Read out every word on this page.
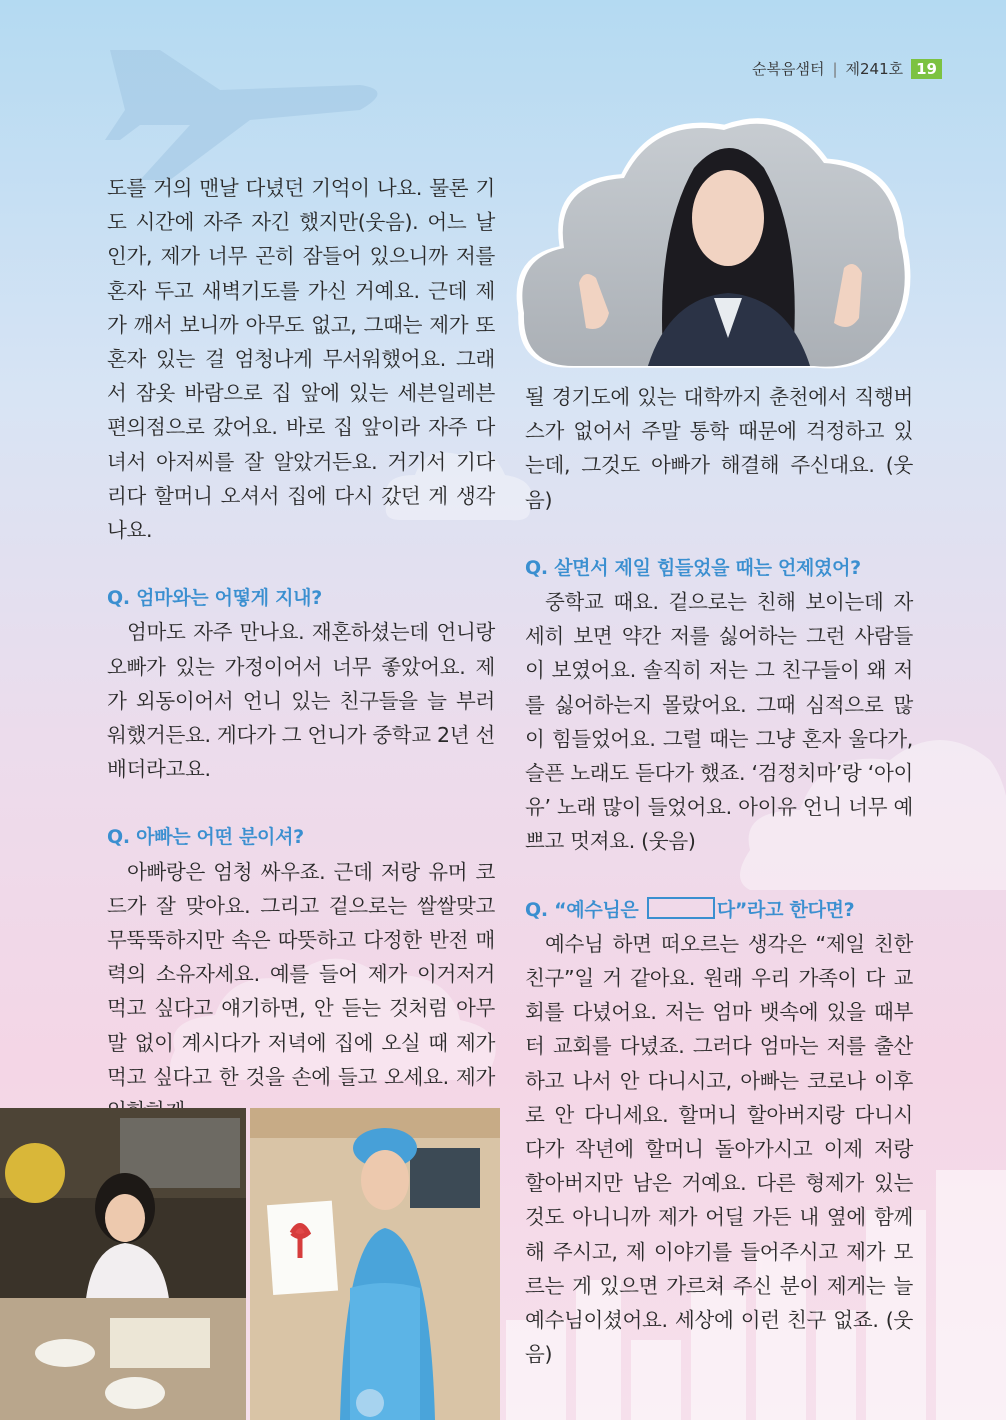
순복음샘터 | 제241호 19

도를 거의 맨날 다녔던 기억이 나요. 물론 기도 시간에 자주 자긴 했지만(웃음). 어느 날인가, 제가 너무 곤히 잠들어 있으니까 저를 혼자 두고 새벽기도를 가신 거예요. 근데 제가 깨서 보니까 아무도 없고, 그때는 제가 또 혼자 있는 걸 엄청나게 무서워했어요. 그래서 잠옷 바람으로 집 앞에 있는 세븐일레븐 편의점으로 갔어요. 바로 집 앞이라 자주 다녀서 아저씨를 잘 알았거든요. 거기서 기다리다 할머니 오셔서 집에 다시 갔던 게 생각나요.

Q. 엄마와는 어떻게 지내?

엄마도 자주 만나요. 재혼하셨는데 언니랑 오빠가 있는 가정이어서 너무 좋았어요. 제가 외동이어서 언니 있는 친구들을 늘 부러워했거든요. 게다가 그 언니가 중학교 2년 선배더라고요.

Q. 아빠는 어떤 분이셔?

아빠랑은 엄청 싸우죠. 근데 저랑 유머 코드가 잘 맞아요. 그리고 겉으로는 쌀쌀맞고 무뚝뚝하지만 속은 따뜻하고 다정한 반전 매력의 소유자세요. 예를 들어 제가 이거저거 먹고 싶다고 얘기하면, 안 듣는 것처럼 아무 말 없이 계시다가 저녁에 집에 오실 때 제가 먹고 싶다고 한 것을 손에 들고 오세요. 제가

될 경기도에 있는 대학까지 춘천에서 직행버스가 없어서 주말 통학 때문에 걱정하고 있는데, 그것도 아빠가 해결해 주신대요. (웃음)

Q. 살면서 제일 힘들었을 때는 언제였어?

중학교 때요. 겉으로는 친해 보이는데 자세히 보면 약간 저를 싫어하는 그런 사람들이 보였어요. 솔직히 저는 그 친구들이 왜 저를 싫어하는지 몰랐어요. 그때 심적으로 많이 힘들었어요. 그럴 때는 그냥 혼자 울다가, 슬픈 노래도 듣다가 했죠. ‘검정치마’랑 ‘아이유’ 노래 많이 들었어요. 아이유 언니 너무 예쁘고 멋져요. (웃음)

Q. “예수님은	다”라고 한다면?

예수님 하면 떠오르는 생각은 “제일 친한 친구”일 거 같아요. 원래 우리 가족이 다 교회를 다녔어요. 저는 엄마 뱃속에 있을 때부터 교회를 다녔죠. 그러다 엄마는 저를 출산하고 나서 안 다니시고, 아빠는 코로나 이후로 안 다니세요. 할머니 할아버지랑 다니시다가 작년에 할머니 돌아가시고 이제 저랑 할아버지만 남은 거예요. 다른 형제가 있는 것도 아니니까 제가 어딜 가든 내 옆에 함께해 주시고, 제 이야기를 들어주시고 제가 모르는 게 있으면 가르쳐 주신 분이 제게는 늘 예수님이셨어요. 세상에 이런 친구 없죠. (웃음)
